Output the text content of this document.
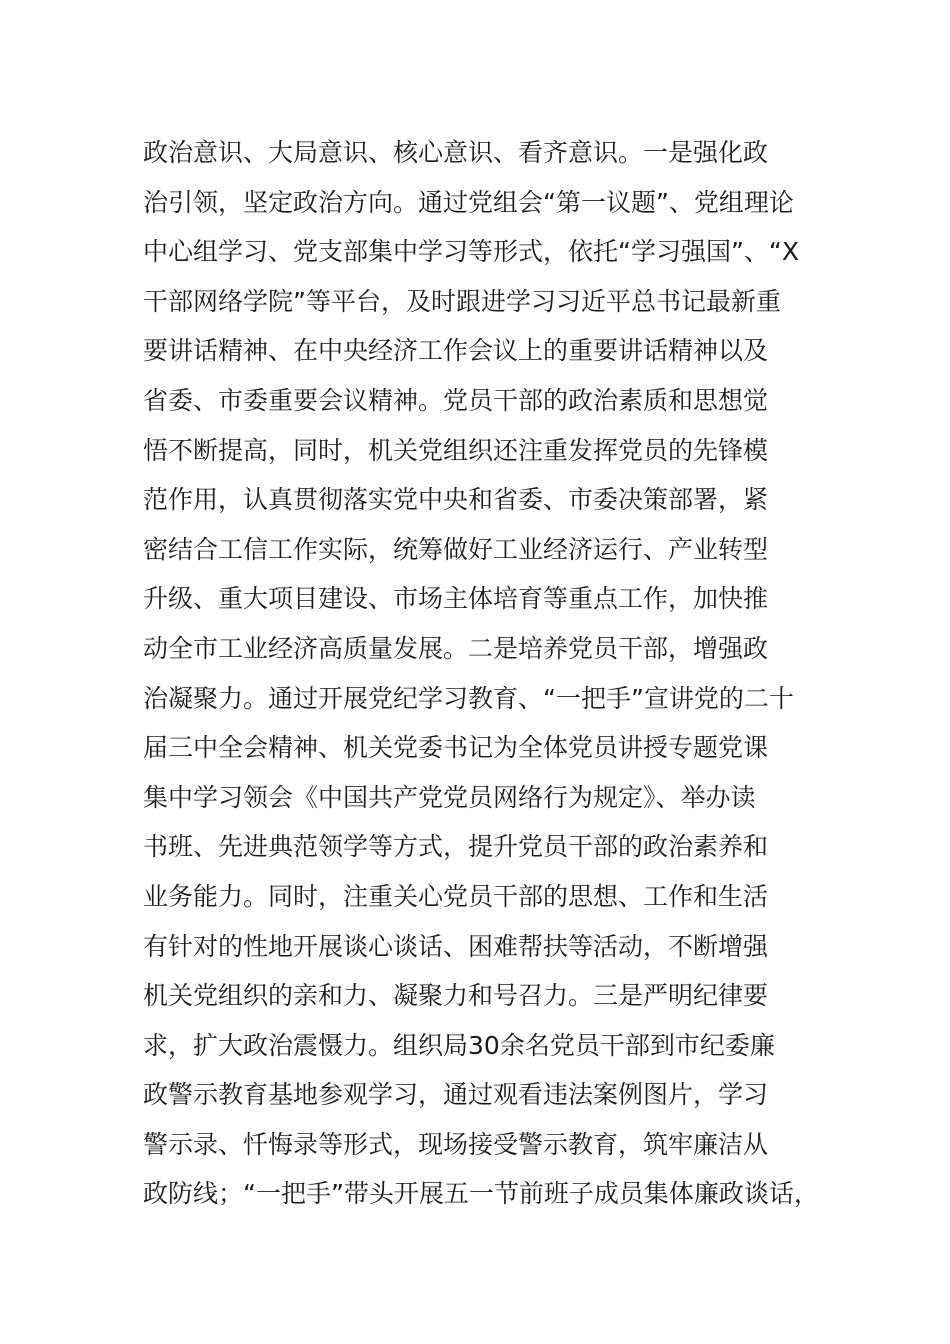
政治意识、大局意识、核心意识、看齐意识。一是强化政
治引领，坚定政治方向。通过党组会“第一议题”、党组理论
中心组学习、党支部集中学习等形式，依托“学习强国”、“X
干部网络学院”等平台，及时跟进学习习近平总书记最新重
要讲话精神、在中央经济工作会议上的重要讲话精神以及
省委、市委重要会议精神。党员干部的政治素质和思想觉
悟不断提高，同时，机关党组织还注重发挥党员的先锋模
范作用，认真贯彻落实党中央和省委、市委决策部署，紧
密结合工信工作实际，统筹做好工业经济运行、产业转型
升级、重大项目建设、市场主体培育等重点工作，加快推
动全市工业经济高质量发展。二是培养党员干部，增强政
治凝聚力。通过开展党纪学习教育、“一把手”宣讲党的二十
届三中全会精神、机关党委书记为全体党员讲授专题党课
集中学习领会《中国共产党党员网络行为规定》、举办读
书班、先进典范领学等方式，提升党员干部的政治素养和
业务能力。同时，注重关心党员干部的思想、工作和生活
有针对的性地开展谈心谈话、困难帮扶等活动，不断增强
机关党组织的亲和力、凝聚力和号召力。三是严明纪律要
求，扩大政治震慑力。组织局30余名党员干部到市纪委廉
政警示教育基地参观学习，通过观看违法案例图片，学习
警示录、忏悔录等形式，现场接受警示教育，筑牢廉洁从
政防线；“一把手”带头开展五一节前班子成员集体廉政谈话，
